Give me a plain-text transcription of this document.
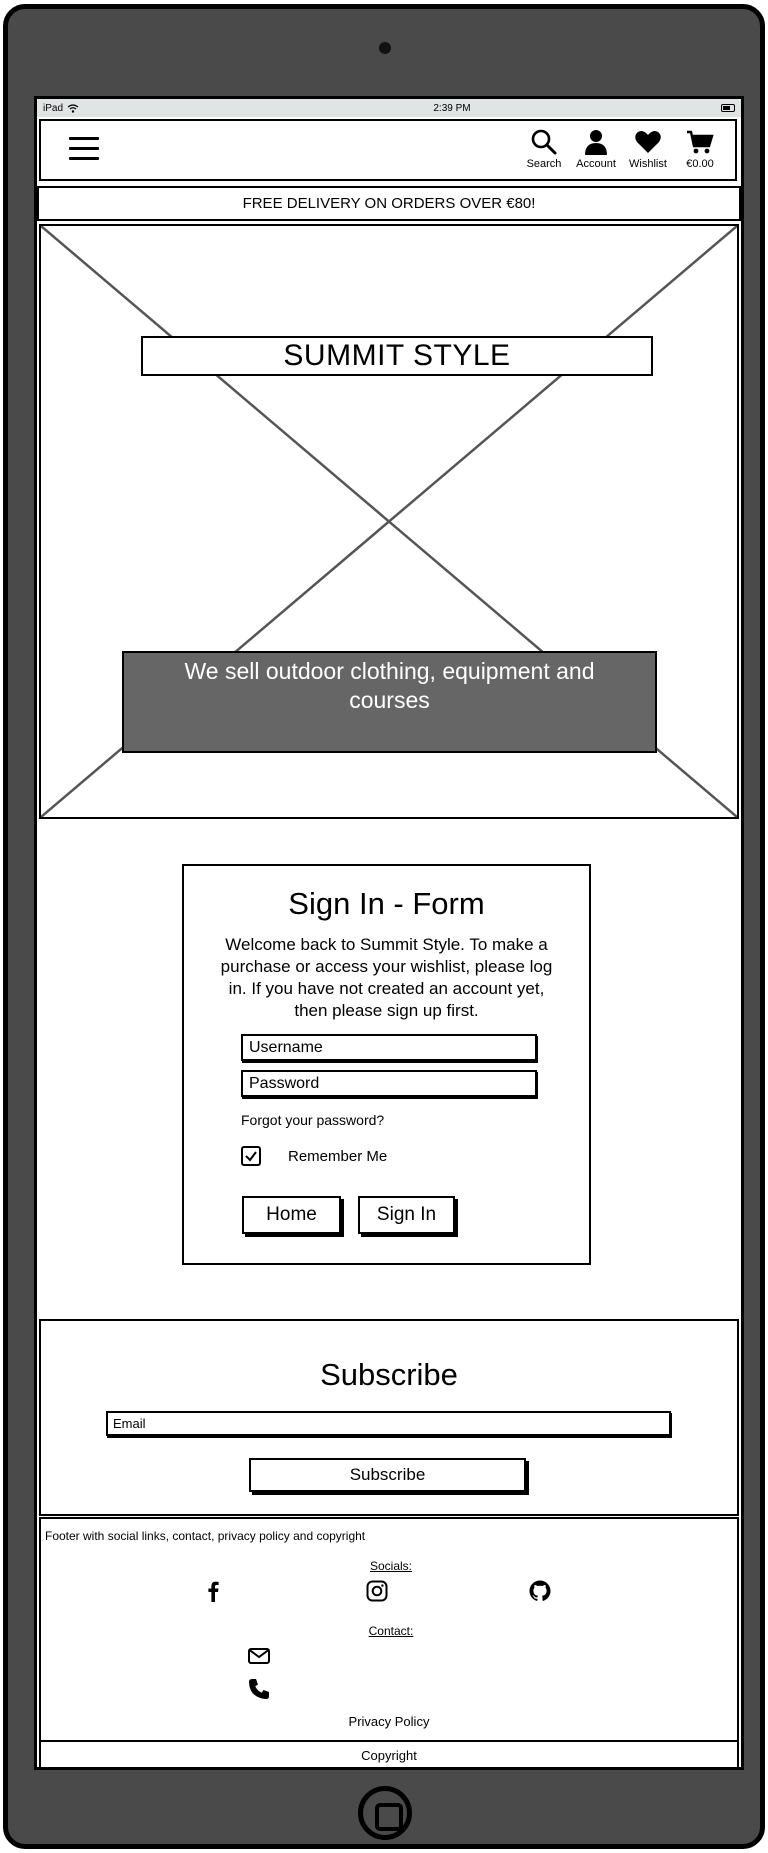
iPad	2:39 PM
Search Account Wishlist €0.00
FREE DELIVERY ON ORDERS OVER €80!
SUMMIT STYLE
We sell outdoor clothing, equipment and courses
Sign In - Form

Welcome back to Summit Style. To make a purchase or access your wishlist, please log in. If you have not created an account yet, then please sign up first.

Username
Password
Forgot your password?
Remember Me
Home	Sign In
Subscribe
Email
Subscribe
Footer with social links, contact, privacy policy and copyright
Socials:
Contact:
Privacy Policy
Copyright
